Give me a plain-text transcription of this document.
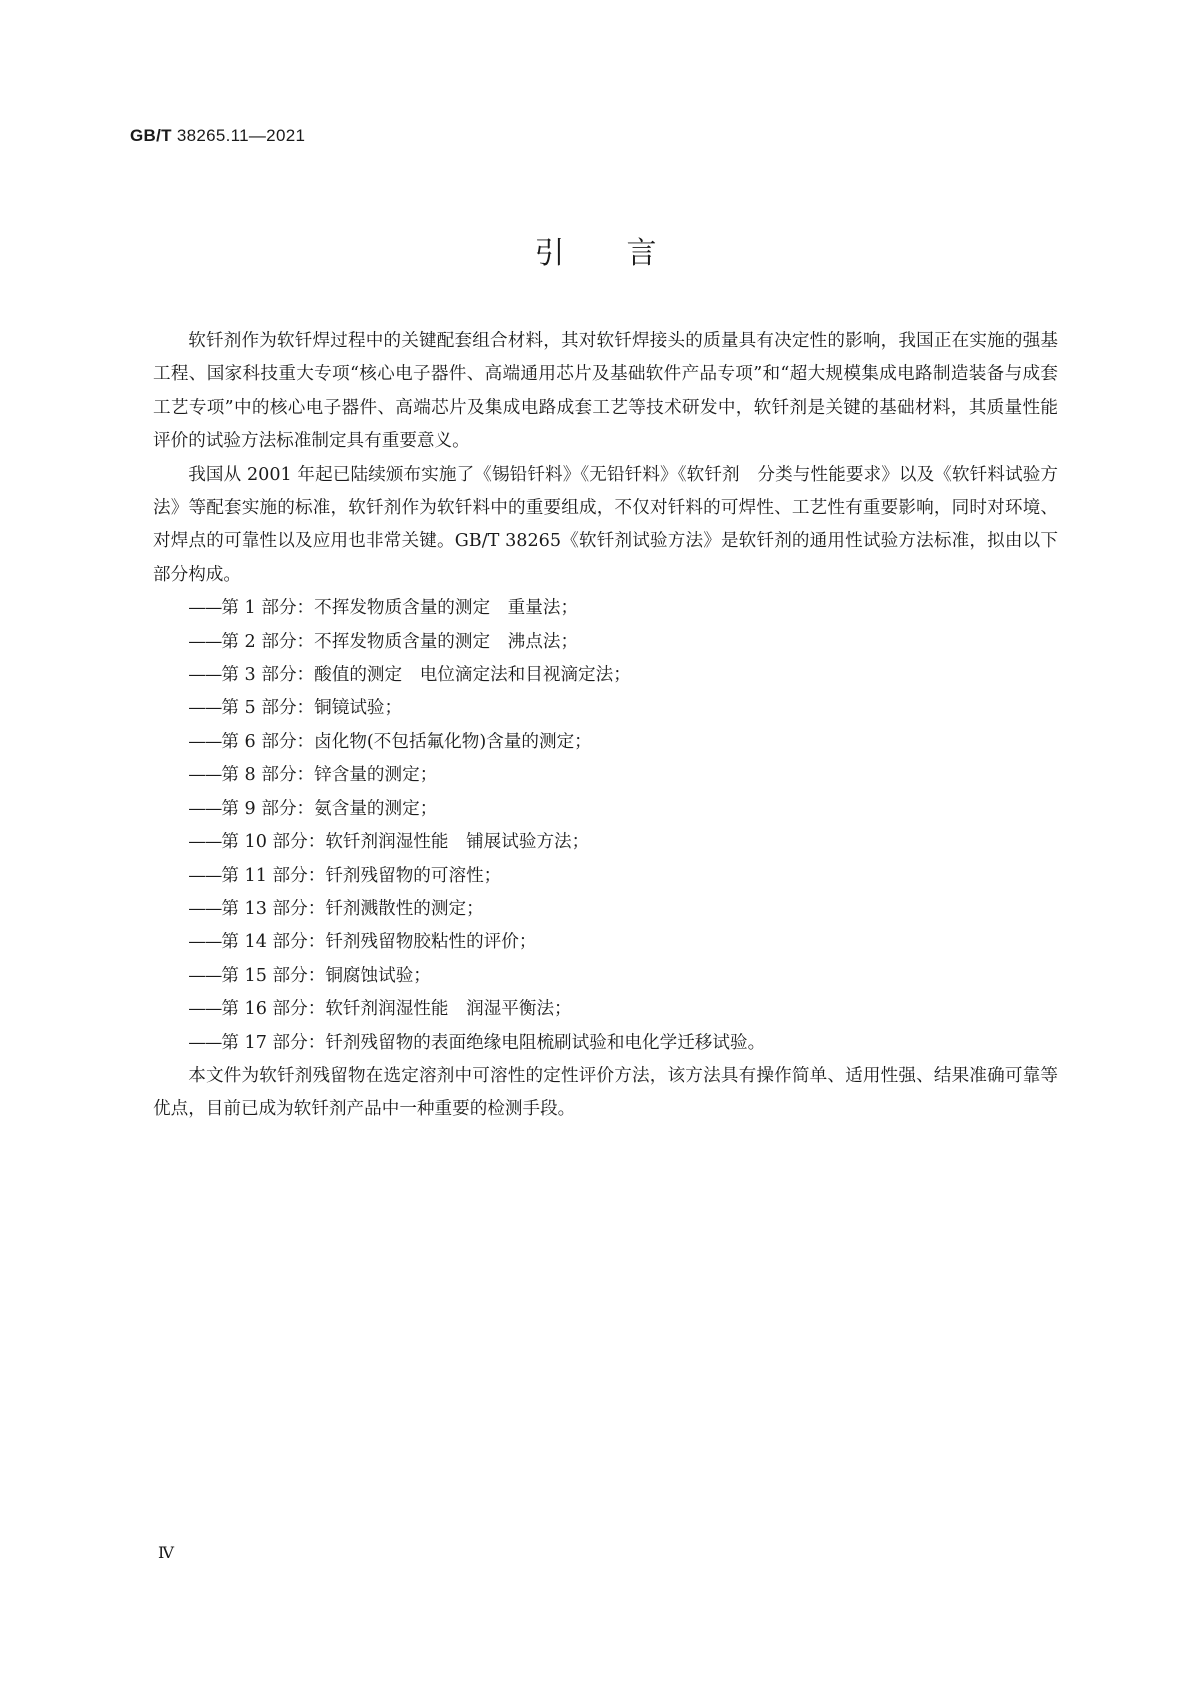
GB/T 38265.11—2021
引言

软钎剂作为软钎焊过程中的关键配套组合材料，其对软钎焊接头的质量具有决定性的影响，我国正在实施的强基工程、国家科技重大专项“核心电子器件、高端通用芯片及基础软件产品专项”和“超大规模集成电路制造装备与成套工艺专项”中的核心电子器件、高端芯片及集成电路成套工艺等技术研发中，软钎剂是关键的基础材料，其质量性能评价的试验方法标准制定具有重要意义。

我国从 2001 年起已陆续颁布实施了《锡铅钎料》《无铅钎料》《软钎剂　分类与性能要求》以及《软钎料试验方法》等配套实施的标准，软钎剂作为软钎料中的重要组成，不仅对钎料的可焊性、工艺性有重要影响，同时对环境、对焊点的可靠性以及应用也非常关键。GB/T 38265《软钎剂试验方法》是软钎剂的通用性试验方法标准，拟由以下部分构成。

——第 1 部分：不挥发物质含量的测定　重量法；
——第 2 部分：不挥发物质含量的测定　沸点法；
——第 3 部分：酸值的测定　电位滴定法和目视滴定法；
——第 5 部分：铜镜试验；
——第 6 部分：卤化物(不包括氟化物)含量的测定；
——第 8 部分：锌含量的测定；
——第 9 部分：氨含量的测定；
——第 10 部分：软钎剂润湿性能　铺展试验方法；
——第 11 部分：钎剂残留物的可溶性；
——第 13 部分：钎剂溅散性的测定；
——第 14 部分：钎剂残留物胶粘性的评价；
——第 15 部分：铜腐蚀试验；
——第 16 部分：软钎剂润湿性能　润湿平衡法；
——第 17 部分：钎剂残留物的表面绝缘电阻梳刷试验和电化学迁移试验。

本文件为软钎剂残留物在选定溶剂中可溶性的定性评价方法，该方法具有操作简单、适用性强、结果准确可靠等优点，目前已成为软钎剂产品中一种重要的检测手段。

Ⅳ
